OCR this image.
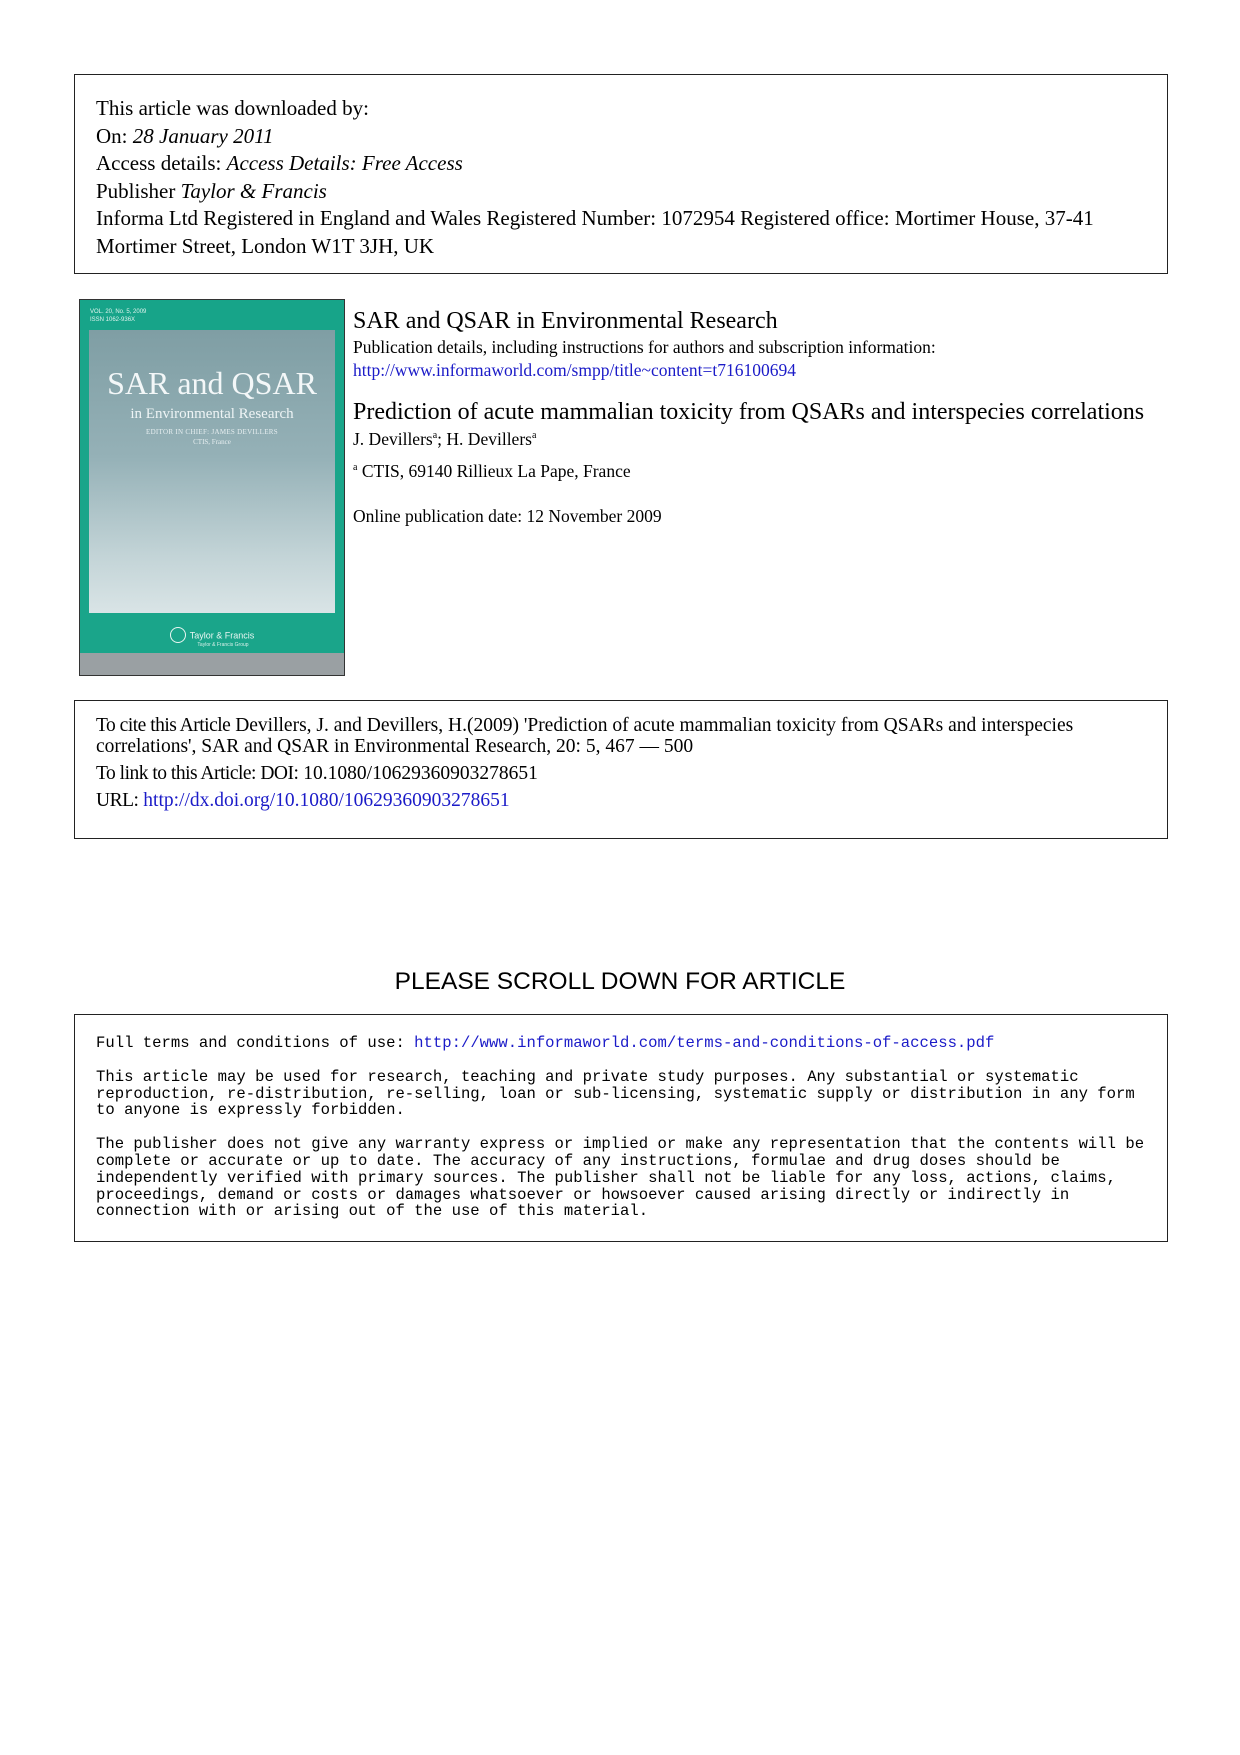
This article was downloaded by:
On: 28 January 2011
Access details: Access Details: Free Access
Publisher Taylor & Francis
Informa Ltd Registered in England and Wales Registered Number: 1072954 Registered office: Mortimer House, 37-41 Mortimer Street, London W1T 3JH, UK
VOL. 20, No. 5, 2009
ISSN 1062-936X
SAR and QSAR
in Environmental Research
EDITOR IN CHIEF: JAMES DEVILLERS
CTIS, France
Taylor & Francis
Taylor & Francis Group
SAR and QSAR in Environmental Research
Publication details, including instructions for authors and subscription information:
http://www.informaworld.com/smpp/title~content=t716100694
Prediction of acute mammalian toxicity from QSARs and interspecies correlations
J. Devillers$^a$; H. Devillers$^a$
$^a$ CTIS, 69140 Rillieux La Pape, France
Online publication date: 12 November 2009
To cite this Article Devillers, J. and Devillers, H.(2009) 'Prediction of acute mammalian toxicity from QSARs and interspecies correlations', SAR and QSAR in Environmental Research, 20: 5, 467 — 500
To link to this Article: DOI: 10.1080/10629360903278651
URL: http://dx.doi.org/10.1080/10629360903278651
PLEASE SCROLL DOWN FOR ARTICLE

Full terms and conditions of use: http://www.informaworld.com/terms-and-conditions-of-access.pdf

This article may be used for research, teaching and private study purposes. Any substantial or systematic reproduction, re-distribution, re-selling, loan or sub-licensing, systematic supply or distribution in any form to anyone is expressly forbidden.

The publisher does not give any warranty express or implied or make any representation that the contents will be complete or accurate or up to date. The accuracy of any instructions, formulae and drug doses should be independently verified with primary sources. The publisher shall not be liable for any loss, actions, claims, proceedings, demand or costs or damages whatsoever or howsoever caused arising directly or indirectly in connection with or arising out of the use of this material.
